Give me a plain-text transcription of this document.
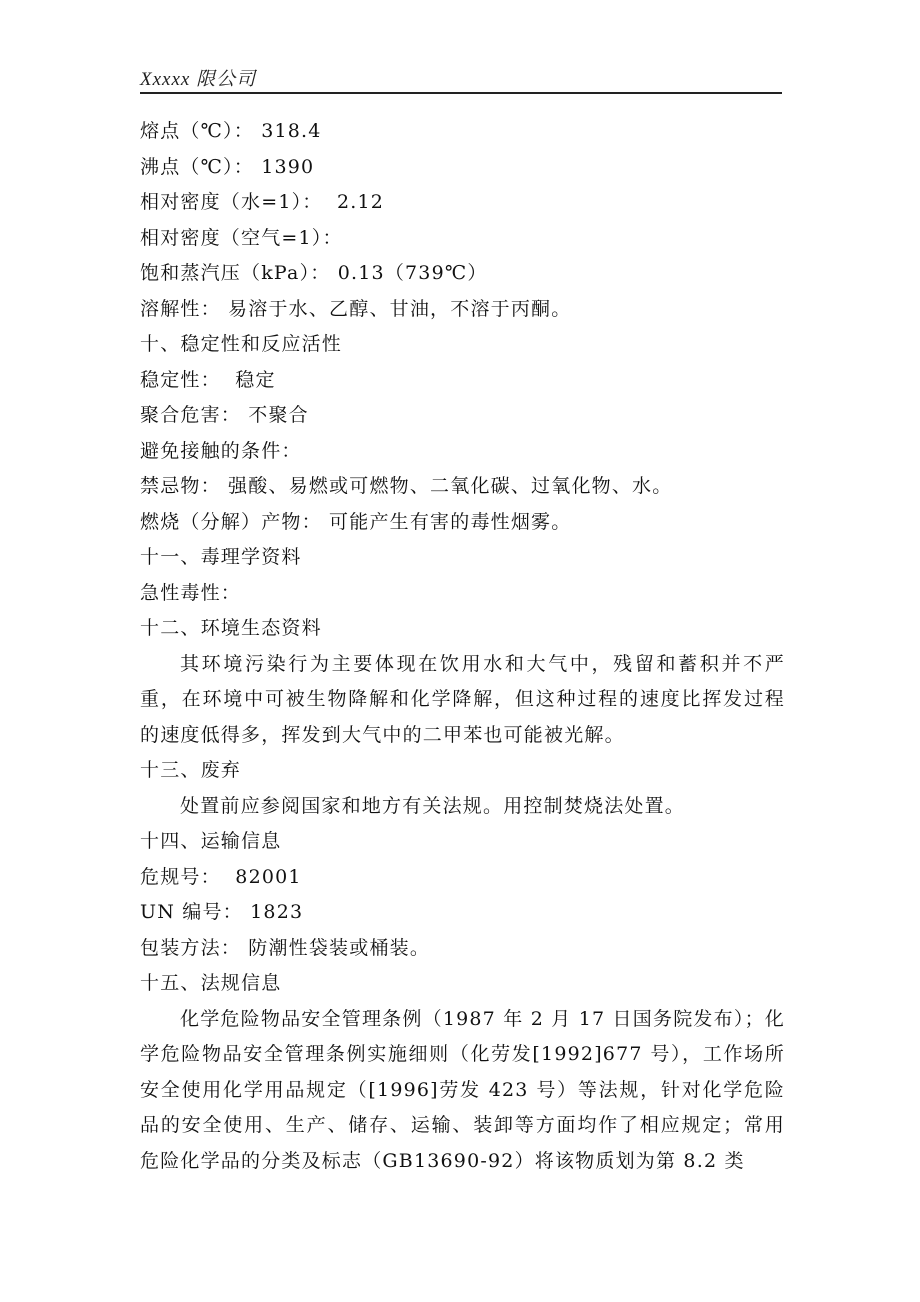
Xxxxx 限公司
熔点（℃）： 318.4
沸点（℃）： 1390
相对密度（水=1）：  2.12
相对密度（空气=1）：
饱和蒸汽压（kPa）： 0.13（739℃）
溶解性： 易溶于水、乙醇、甘油，不溶于丙酮。
十、稳定性和反应活性
稳定性：  稳定
聚合危害： 不聚合
避免接触的条件：
禁忌物： 强酸、易燃或可燃物、二氧化碳、过氧化物、水。
燃烧（分解）产物： 可能产生有害的毒性烟雾。
十一、毒理学资料
急性毒性：
十二、环境生态资料

其环境污染行为主要体现在饮用水和大气中，残留和蓄积并不严重，在环境中可被生物降解和化学降解，但这种过程的速度比挥发过程的速度低得多，挥发到大气中的二甲苯也可能被光解。

十三、废弃

处置前应参阅国家和地方有关法规。用控制焚烧法处置。

十四、运输信息
危规号：  82001
UN 编号： 1823
包装方法： 防潮性袋装或桶装。
十五、法规信息

化学危险物品安全管理条例（1987 年 2 月 17 日国务院发布）；化学危险物品安全管理条例实施细则（化劳发[1992]677 号），工作场所安全使用化学用品规定（[1996]劳发 423 号）等法规，针对化学危险品的安全使用、生产、储存、运输、装卸等方面均作了相应规定；常用危险化学品的分类及标志（GB13690-92）将该物质划为第 8.2 类
